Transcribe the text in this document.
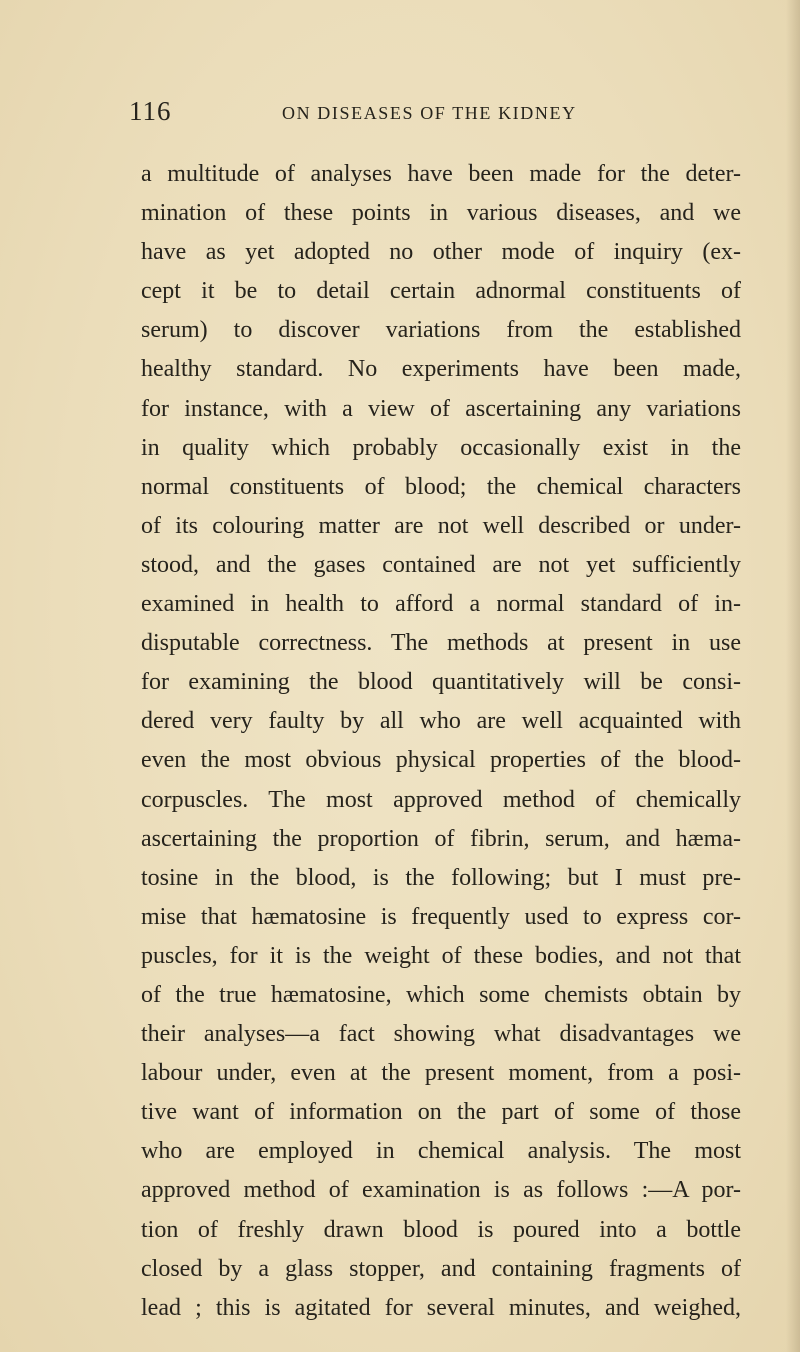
116	ON DISEASES OF THE KIDNEY
a multitude of analyses have been made for the deter-
mination of these points in various diseases, and we
have as yet adopted no other mode of inquiry (ex-
cept it be to detail certain adnormal constituents of
serum) to discover variations from the established
healthy standard. No experiments have been made,
for instance, with a view of ascertaining any variations
in quality which probably occasionally exist in the
normal constituents of blood; the chemical characters
of its colouring matter are not well described or under-
stood, and the gases contained are not yet sufficiently
examined in health to afford a normal standard of in-
disputable correctness. The methods at present in use
for examining the blood quantitatively will be consi-
dered very faulty by all who are well acquainted with
even the most obvious physical properties of the blood-
corpuscles. The most approved method of chemically
ascertaining the proportion of fibrin, serum, and hæma-
tosine in the blood, is the following; but I must pre-
mise that hæmatosine is frequently used to express cor-
puscles, for it is the weight of these bodies, and not that
of the true hæmatosine, which some chemists obtain by
their analyses—a fact showing what disadvantages we
labour under, even at the present moment, from a posi-
tive want of information on the part of some of those
who are employed in chemical analysis. The most
approved method of examination is as follows :—A por-
tion of freshly drawn blood is poured into a bottle
closed by a glass stopper, and containing fragments of
lead ; this is agitated for several minutes, and weighed,
